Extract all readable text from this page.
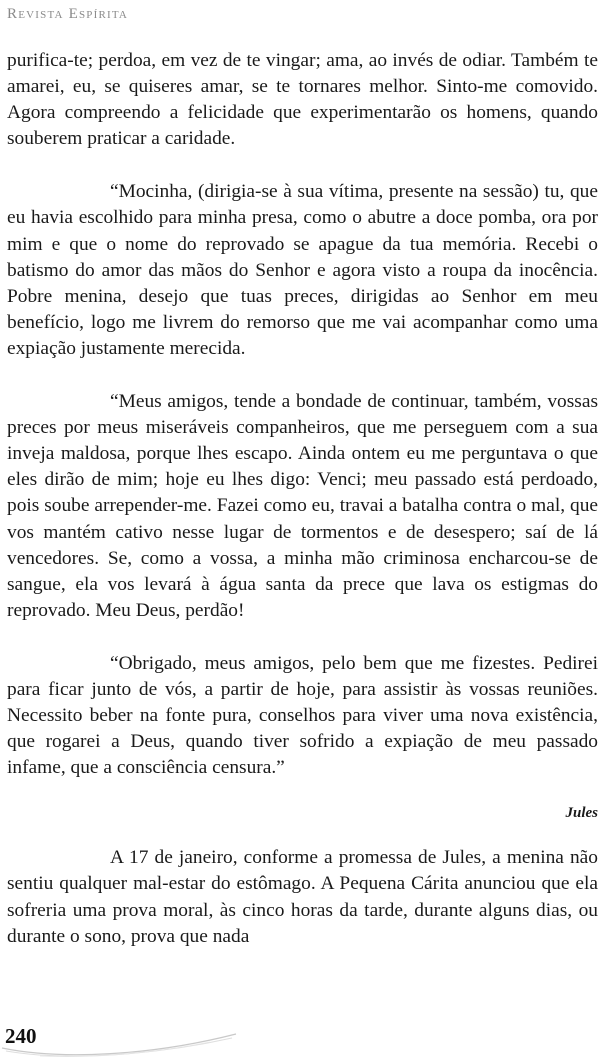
Revista Espírita

purifica-te; perdoa, em vez de te vingar; ama, ao invés de odiar. Também te amarei, eu, se quiseres amar, se te tornares melhor. Sinto-me comovido. Agora compreendo a felicidade que experimentarão os homens, quando souberem praticar a caridade.

“Mocinha, (dirigia-se à sua vítima, presente na sessão) tu, que eu havia escolhido para minha presa, como o abutre a doce pomba, ora por mim e que o nome do reprovado se apague da tua memória. Recebi o batismo do amor das mãos do Senhor e agora visto a roupa da inocência. Pobre menina, desejo que tuas preces, dirigidas ao Senhor em meu benefício, logo me livrem do remorso que me vai acompanhar como uma expiação justamente merecida.

“Meus amigos, tende a bondade de continuar, também, vossas preces por meus miseráveis companheiros, que me perseguem com a sua inveja maldosa, porque lhes escapo. Ainda ontem eu me perguntava o que eles dirão de mim; hoje eu lhes digo: Venci; meu passado está perdoado, pois soube arrepender-me. Fazei como eu, travai a batalha contra o mal, que vos mantém cativo nesse lugar de tormentos e de desespero; saí de lá vencedores. Se, como a vossa, a minha mão criminosa encharcou-se de sangue, ela vos levará à água santa da prece que lava os estigmas do reprovado. Meu Deus, perdão!

“Obrigado, meus amigos, pelo bem que me fizestes. Pedirei para ficar junto de vós, a partir de hoje, para assistir às vossas reuniões. Necessito beber na fonte pura, conselhos para viver uma nova existência, que rogarei a Deus, quando tiver sofrido a expiação de meu passado infame, que a consciência censura.”

Jules

A 17 de janeiro, conforme a promessa de Jules, a menina não sentiu qualquer mal-estar do estômago. A Pequena Cárita anunciou que ela sofreria uma prova moral, às cinco horas da tarde, durante alguns dias, ou durante o sono, prova que nada

240
